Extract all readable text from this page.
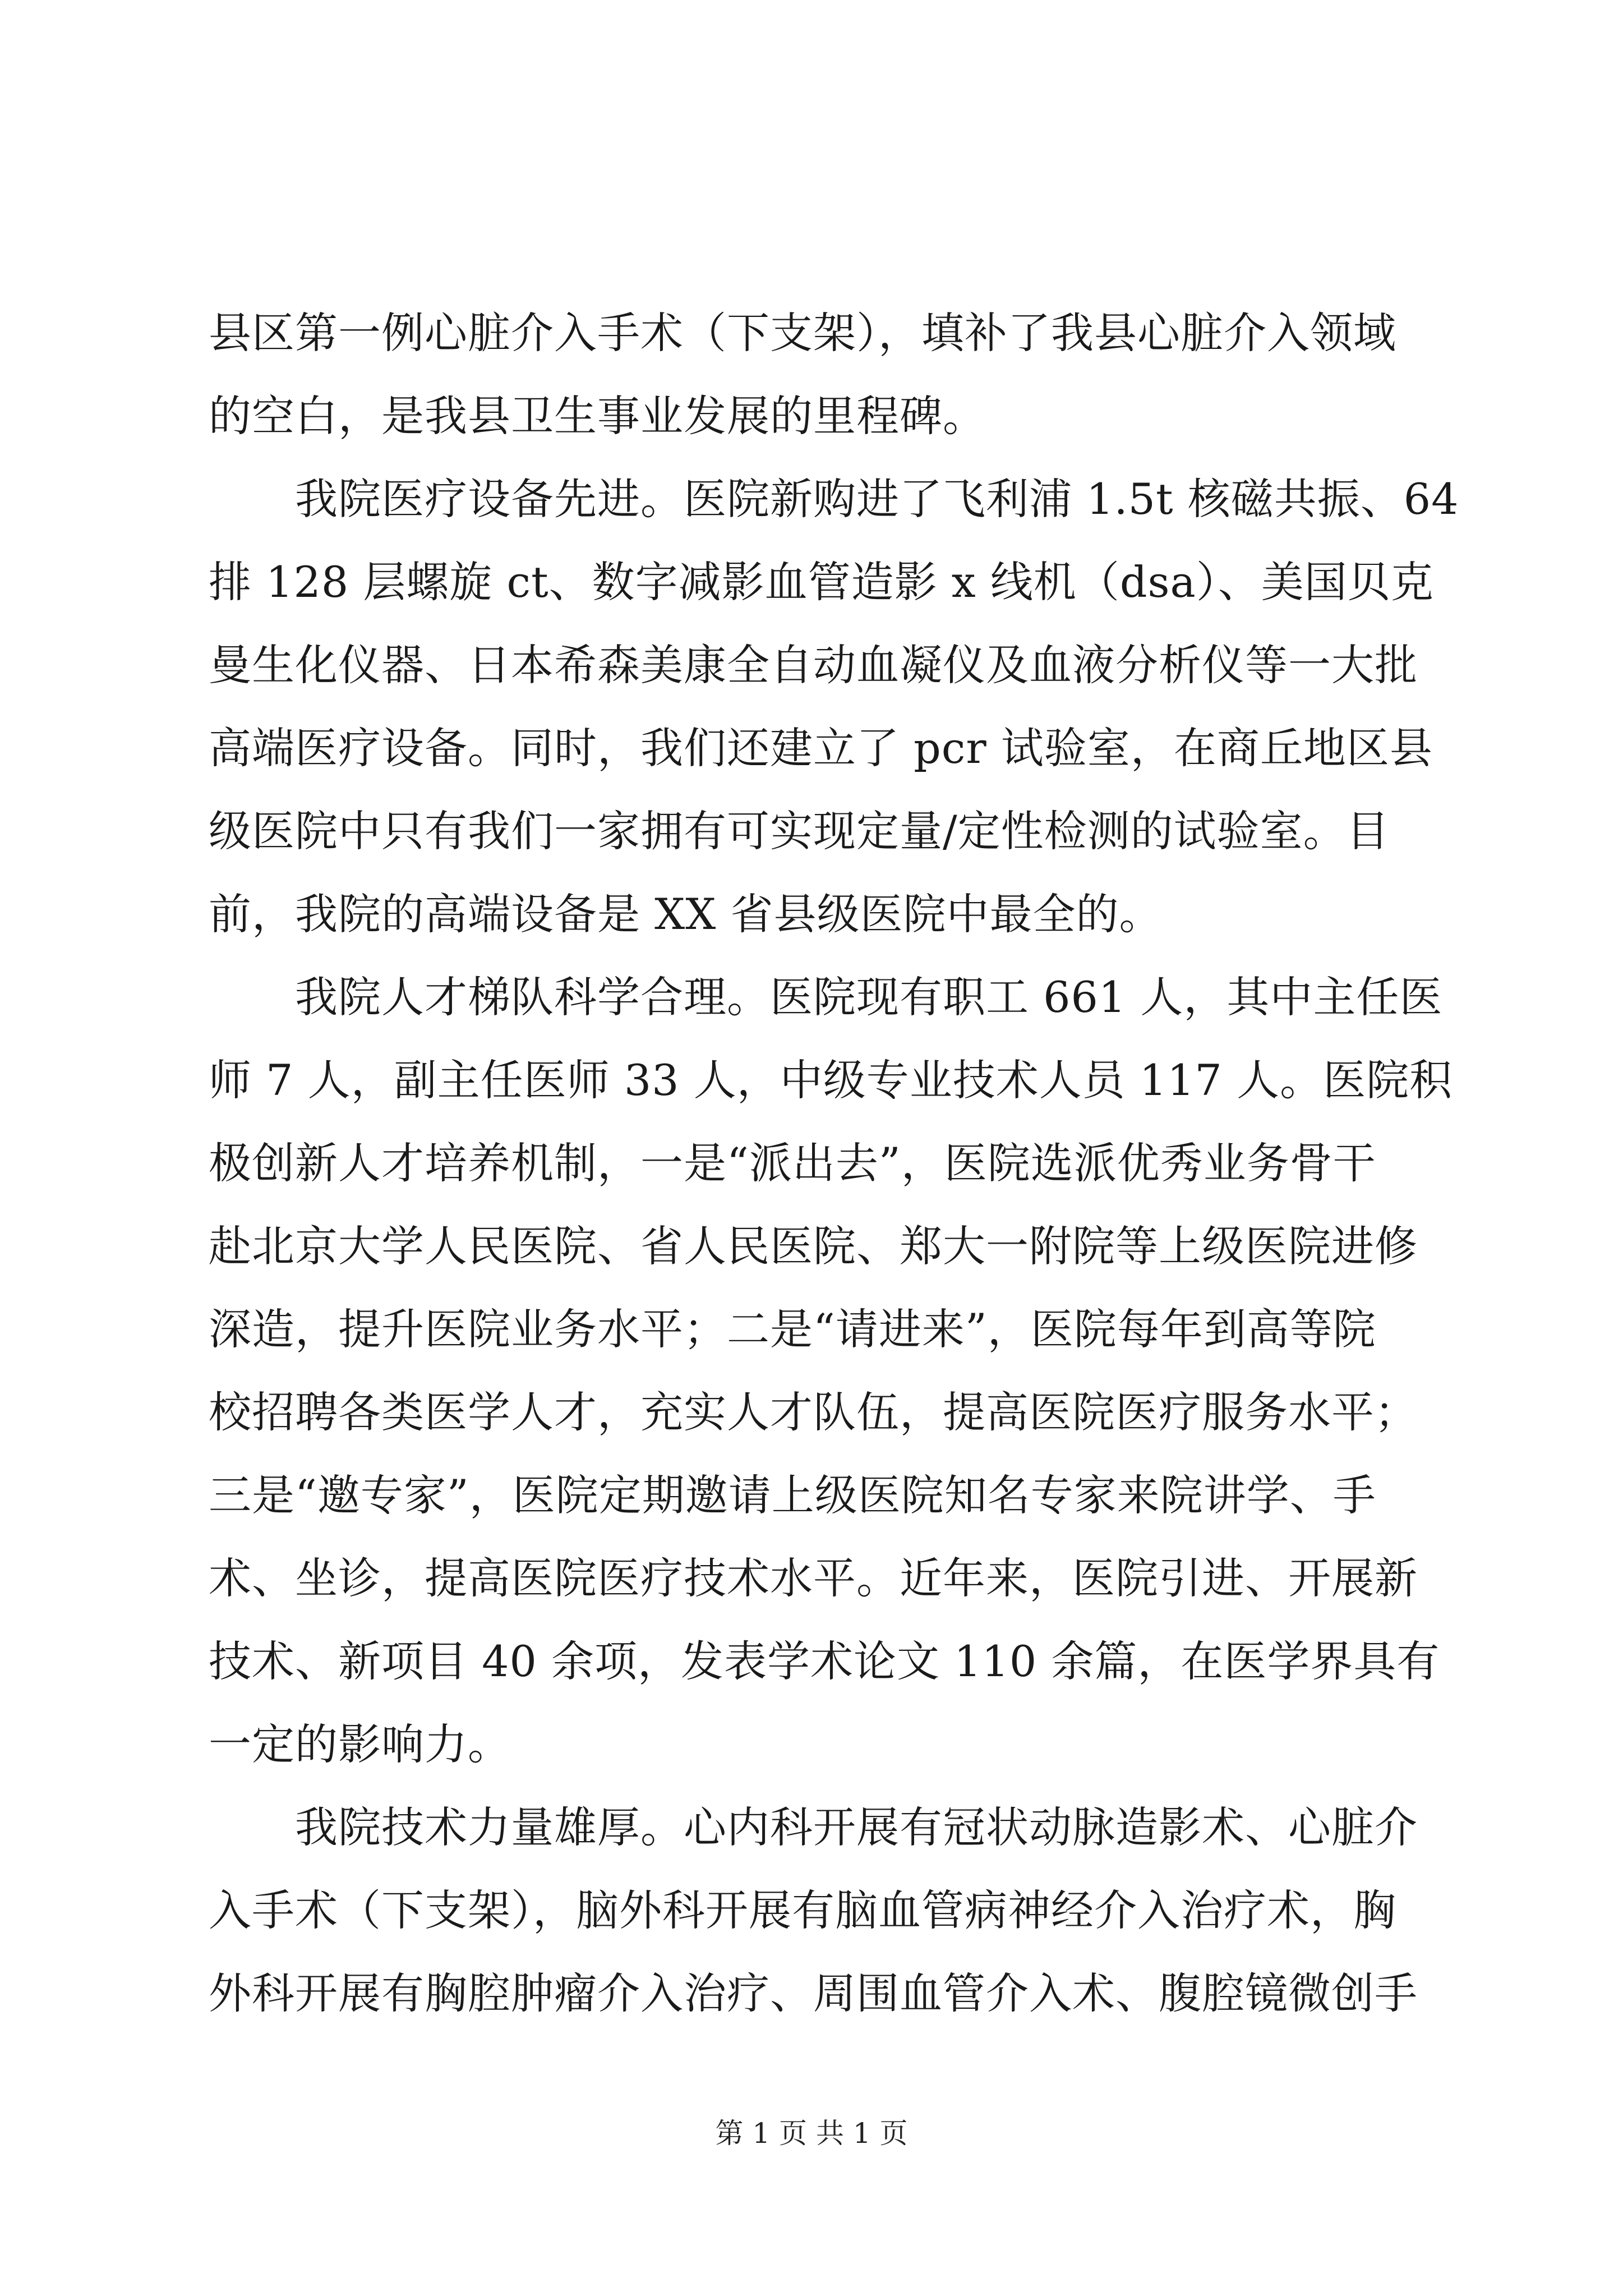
县区第一例心脏介入手术（下支架），填补了我县心脏介入领域
的空白，是我县卫生事业发展的里程碑。
　　我院医疗设备先进。医院新购进了飞利浦 1.5t 核磁共振、64
排 128 层螺旋 ct、数字减影血管造影 x 线机（dsa）、美国贝克
曼生化仪器、日本希森美康全自动血凝仪及血液分析仪等一大批
高端医疗设备。同时，我们还建立了 pcr 试验室，在商丘地区县
级医院中只有我们一家拥有可实现定量/定性检测的试验室。目
前，我院的高端设备是 XX 省县级医院中最全的。
　　我院人才梯队科学合理。医院现有职工 661 人，其中主任医
师 7 人，副主任医师 33 人，中级专业技术人员 117 人。医院积
极创新人才培养机制，一是“派出去”，医院选派优秀业务骨干
赴北京大学人民医院、省人民医院、郑大一附院等上级医院进修
深造，提升医院业务水平；二是“请进来”，医院每年到高等院
校招聘各类医学人才，充实人才队伍，提高医院医疗服务水平；
三是“邀专家”，医院定期邀请上级医院知名专家来院讲学、手
术、坐诊，提高医院医疗技术水平。近年来，医院引进、开展新
技术、新项目 40 余项，发表学术论文 110 余篇，在医学界具有
一定的影响力。
　　我院技术力量雄厚。心内科开展有冠状动脉造影术、心脏介
入手术（下支架），脑外科开展有脑血管病神经介入治疗术，胸
外科开展有胸腔肿瘤介入治疗、周围血管介入术、腹腔镜微创手
第 1 页 共 1 页
